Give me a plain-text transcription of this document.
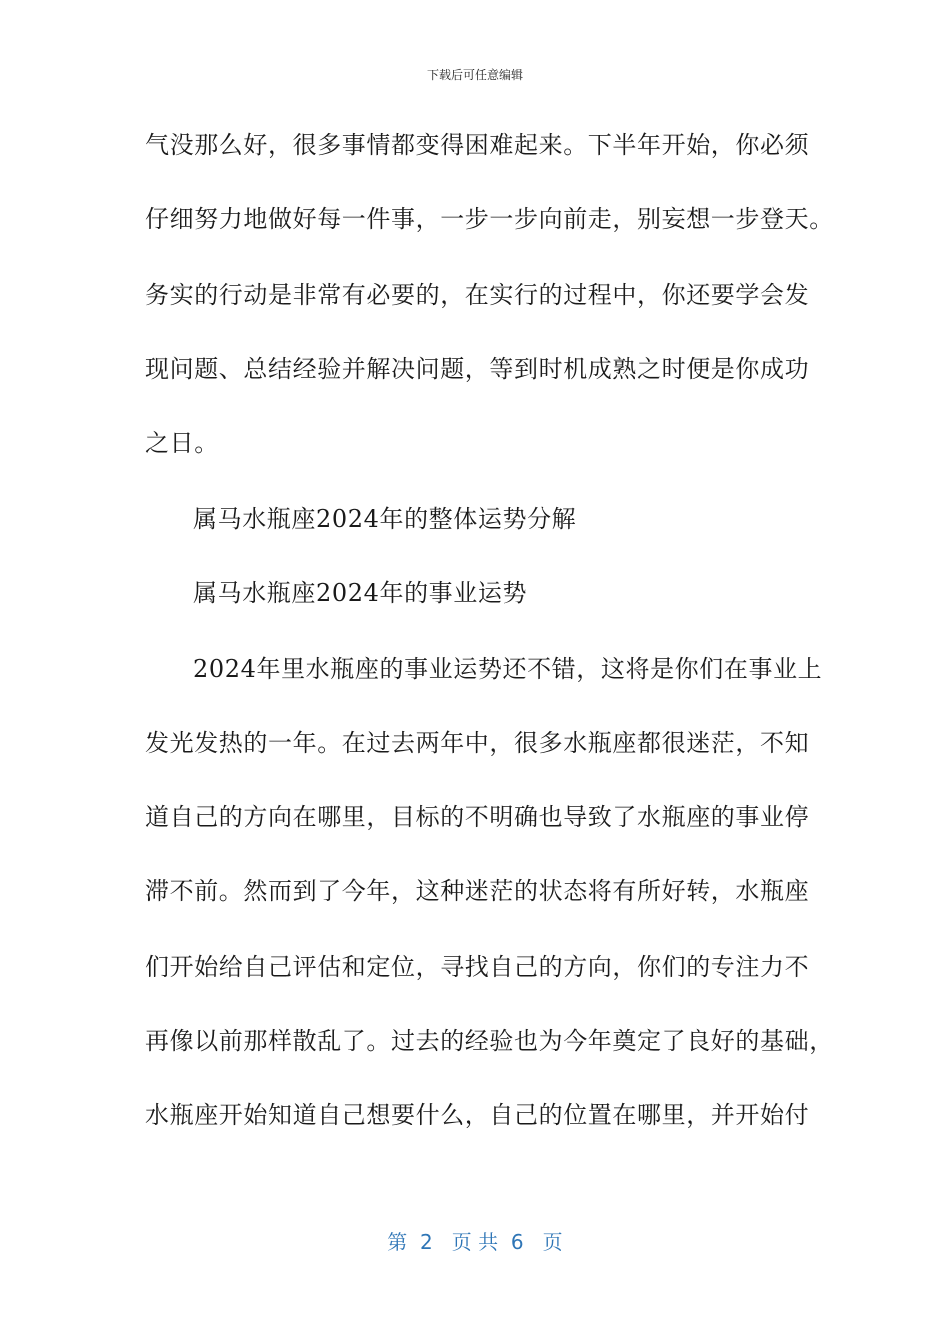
下载后可任意编辑
气没那么好，很多事情都变得困难起来。下半年开始，你必须
仔细努力地做好每一件事，一步一步向前走，别妄想一步登天。
务实的行动是非常有必要的，在实行的过程中，你还要学会发
现问题、总结经验并解决问题，等到时机成熟之时便是你成功
之日。
属马水瓶座2024年的整体运势分解
属马水瓶座2024年的事业运势
2024年里水瓶座的事业运势还不错，这将是你们在事业上
发光发热的一年。在过去两年中，很多水瓶座都很迷茫，不知
道自己的方向在哪里，目标的不明确也导致了水瓶座的事业停
滞不前。然而到了今年，这种迷茫的状态将有所好转，水瓶座
们开始给自己评估和定位，寻找自己的方向，你们的专注力不
再像以前那样散乱了。过去的经验也为今年奠定了良好的基础，
水瓶座开始知道自己想要什么，自己的位置在哪里，并开始付
第  2   页 共  6   页
